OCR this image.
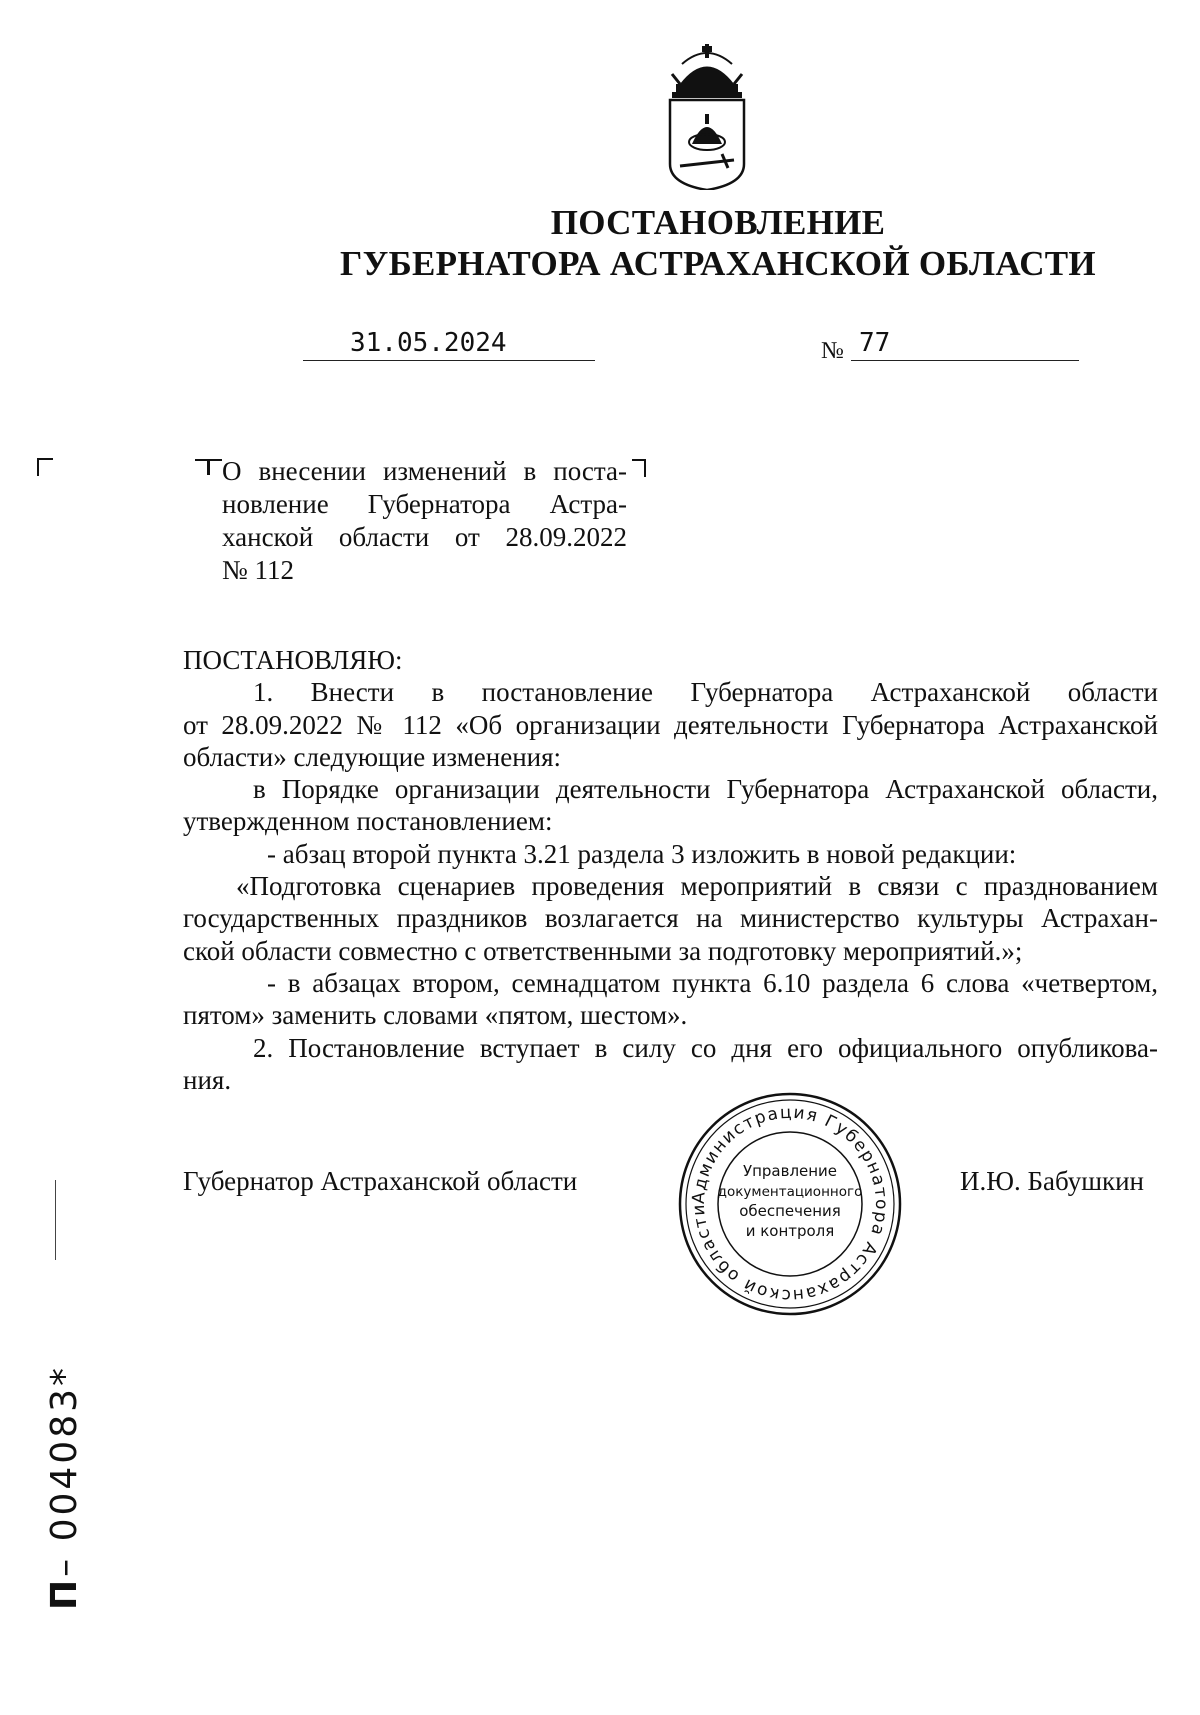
ПОСТАНОВЛЕНИЕ
ГУБЕРНАТОРА АСТРАХАНСКОЙ ОБЛАСТИ
31.05.2024	№ 77
О внесении изменений в поста-
новление Губернатора Астра-
ханской области от 28.09.2022
№ 112
ПОСТАНОВЛЯЮ:
1. Внести в постановление Губернатора Астраханской области
от 28.09.2022 № 112 «Об организации деятельности Губернатора Астраханской
области» следующие изменения:
в Порядке организации деятельности Губернатора Астраханской области,
утвержденном постановлением:
- абзац второй пункта 3.21 раздела 3 изложить в новой редакции:
«Подготовка сценариев проведения мероприятий в связи с празднованием
государственных праздников возлагается на министерство культуры Астрахан-
ской области совместно с ответственными за подготовку мероприятий.»;
- в абзацах втором, семнадцатом пункта 6.10 раздела 6 слова «четвертом,
пятом» заменить словами «пятом, шестом».
2. Постановление вступает в силу со дня его официального опубликова-
ния.
Губернатор Астраханской области	И.Ю. Бабушкин
Администрация Губернатора Астраханской области
Управление
документационного
обеспечения
и контроля
П– 004083*
